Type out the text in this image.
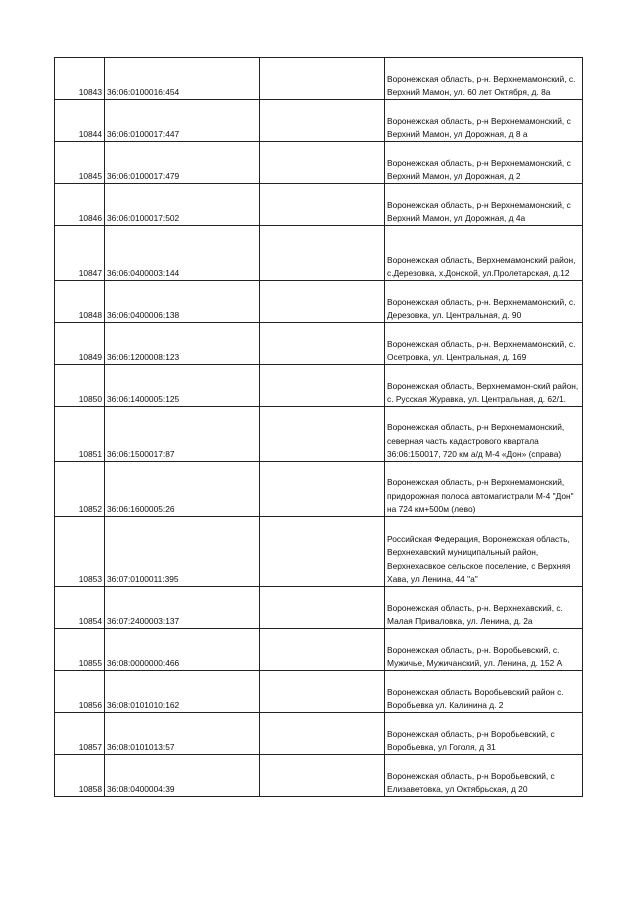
10843	36:06:0100016:454		Воронежская область, р-н. Верхнемамонский, с. Верхний Мамон, ул. 60 лет Октября, д. 8а
10844	36:06:0100017:447		Воронежская область, р-н Верхнемамонский, с Верхний Мамон, ул Дорожная, д 8 а
10845	36:06:0100017:479		Воронежская область, р-н Верхнемамонский, с Верхний Мамон, ул Дорожная, д 2
10846	36:06:0100017:502		Воронежская область, р-н Верхнемамонский, с Верхний Мамон, ул Дорожная, д 4а
10847	36:06:0400003:144		Воронежская область, Верхнемамонский район, с.Дерезовка, х.Донской, ул.Пролетарская, д.12
10848	36:06:0400006:138		Воронежская область, р-н. Верхнемамонский, с. Дерезовка, ул. Центральная, д. 90
10849	36:06:1200008:123		Воронежская область, р-н. Верхнемамонский, с. Осетровка, ул. Центральная, д. 169
10850	36:06:1400005:125		Воронежская область, Верхнемамон-ский район, с. Русская Журавка, ул. Центральная, д. 62/1.
10851	36:06:1500017:87		Воронежская область, р-н Верхнемамонский, северная часть кадастрового квартала 36:06:150017, 720 км а/д М-4 «Дон» (справа)
10852	36:06:1600005:26		Воронежская область, р-н Верхнемамонский, придорожная полоса автомагистрали М-4 "Дон" на 724 км+500м (лево)
10853	36:07:0100011:395		Российская Федерация, Воронежская область, Верхнехавский муниципальный район, Верхнехасвкое сельское поселение, с Верхняя Хава, ул Ленина, 44 "а"
10854	36:07:2400003:137		Воронежская область, р-н. Верхнехавский, с. Малая Приваловка, ул. Ленина, д. 2а
10855	36:08:0000000:466		Воронежская область, р-н. Воробьевский, с. Мужичье, Мужичанский, ул. Ленина, д. 152 А
10856	36:08:0101010:162		Воронежская область Воробьевский район с. Воробьевка ул. Калинина д. 2
10857	36:08:0101013:57		Воронежская область, р-н Воробьевский, с Воробьевка, ул Гоголя, д 31
10858	36:08:0400004:39		Воронежская область, р-н Воробьевский, с Елизаветовка, ул Октябрьская, д 20
